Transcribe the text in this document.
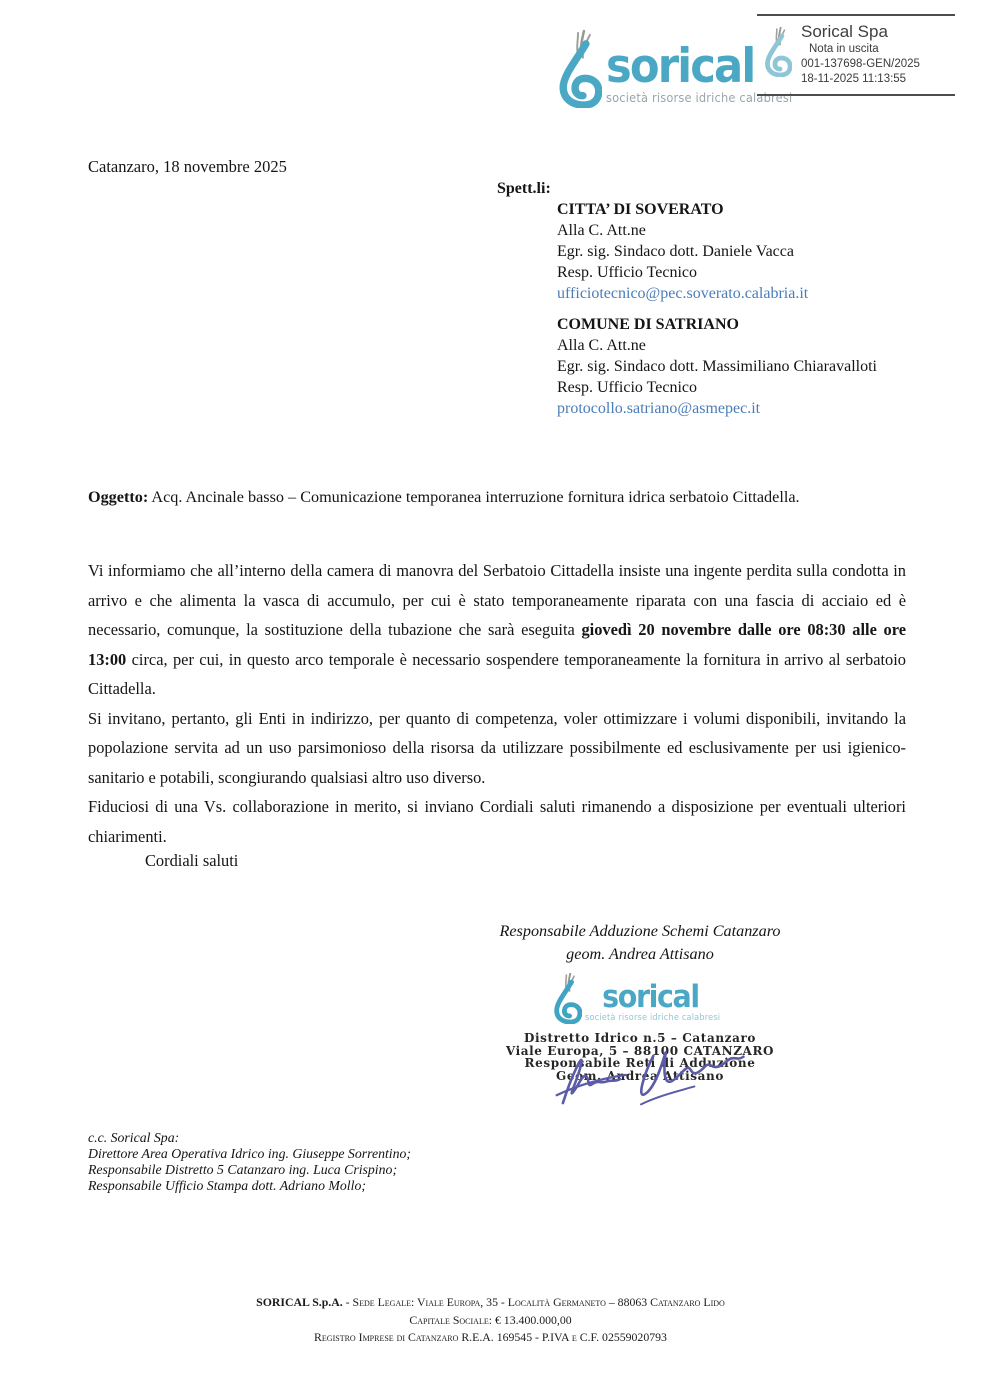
sorical
società risorse idriche calabresi
Sorical Spa
Nota in uscita
001-137698-GEN/2025
18-11-2025 11:13:55
Catanzaro, 18 novembre 2025
Spett.li:
CITTA’ DI SOVERATO
Alla C. Att.ne
Egr. sig. Sindaco dott. Daniele Vacca
Resp. Ufficio Tecnico
ufficiotecnico@pec.soverato.calabria.it
COMUNE DI SATRIANO
Alla C. Att.ne
Egr. sig. Sindaco dott. Massimiliano Chiaravalloti
Resp. Ufficio Tecnico
protocollo.satriano@asmepec.it
Oggetto: Acq. Ancinale basso – Comunicazione temporanea interruzione fornitura idrica serbatoio Cittadella.

Vi informiamo che all’interno della camera di manovra del Serbatoio Cittadella insiste una ingente perdita sulla condotta in arrivo e che alimenta la vasca di accumulo, per cui è stato temporaneamente riparata con una fascia di acciaio ed è necessario, comunque, la sostituzione della tubazione che sarà eseguita giovedì 20 novembre dalle ore 08:30 alle ore 13:00 circa, per cui, in questo arco temporale è necessario sospendere temporaneamente la fornitura in arrivo al serbatoio Cittadella.

Si invitano, pertanto, gli Enti in indirizzo, per quanto di competenza, voler ottimizzare i volumi disponibili, invitando la popolazione servita ad un uso parsimonioso della risorsa da utilizzare possibilmente ed esclusivamente per usi igienico-sanitario e potabili, scongiurando qualsiasi altro uso diverso.

Fiduciosi di una Vs. collaborazione in merito, si inviano Cordiali saluti rimanendo a disposizione per eventuali ulteriori chiarimenti.

Cordiali saluti
Responsabile Adduzione Schemi Catanzaro
geom. Andrea Attisano
sorical
società risorse idriche calabresi
Distretto Idrico n.5 – Catanzaro
Viale Europa, 5 – 88100 CATANZARO
Responsabile Reti di Adduzione
Geom. Andrea Attisano
c.c. Sorical Spa:
Direttore Area Operativa Idrico ing. Giuseppe Sorrentino;
Responsabile Distretto 5 Catanzaro ing. Luca Crispino;
Responsabile Ufficio Stampa dott. Adriano Mollo;
SORICAL S.p.A. - Sede Legale: Viale Europa, 35 - Località Germaneto – 88063 Catanzaro Lido
Capitale Sociale: € 13.400.000,00
Registro Imprese di Catanzaro R.E.A. 169545 - P.IVA e C.F. 02559020793
